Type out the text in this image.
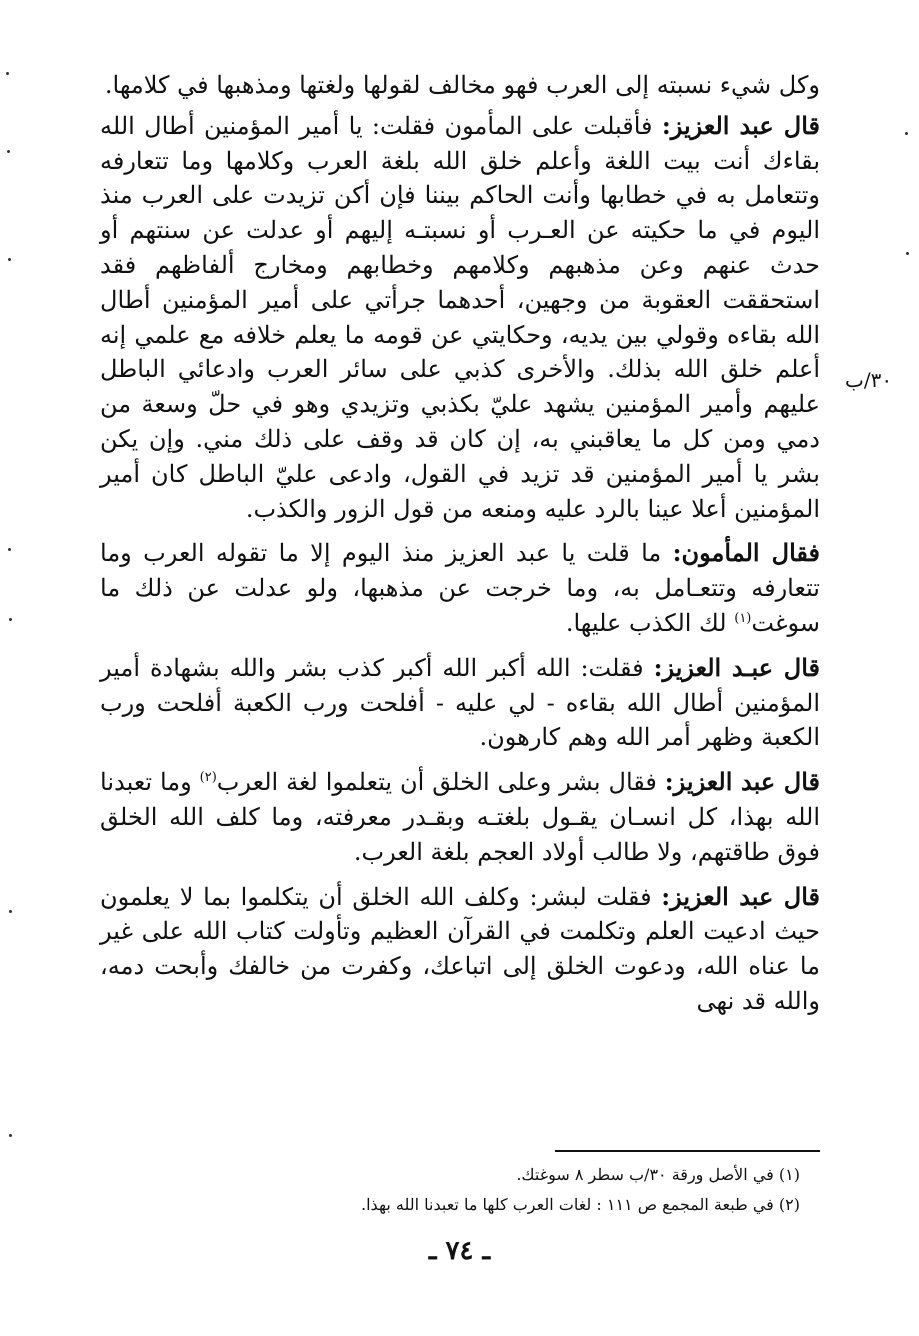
وكل شيء نسبته إلى العرب فهو مخالف لقولها ولغتها ومذهبها في كلامها.

قال عبد العزيز: فأقبلت على المأمون فقلت: يا أمير المؤمنين أطال الله بقاءك أنت بيت اللغة وأعلم خلق الله بلغة العرب وكلامها وما تتعارفه وتتعامل به في خطابها وأنت الحاكم بيننا فإن أكن تزيدت على العرب منذ اليوم في ما حكيته عن العـرب أو نسبتـه إليهم أو عدلت عن سنتهم أو حدث عنهم وعن مذهبهم وكلامهم وخطابهم ومخارج ألفاظهم فقد استحققت العقوبة من وجهين، أحدهما جرأتي على أمير المؤمنين أطال الله بقاءه وقولي بين يديه، وحكايتي عن قومه ما يعلم خلافه مع علمي إنه أعلم خلق الله بذلك. والأخرى كذبي على سائر العرب وادعائي الباطل عليهم وأمير المؤمنين يشهد عليّ بكذبي وتزيدي وهو في حلّ وسعة من دمي ومن كل ما يعاقبني به، إن كان قد وقف على ذلك مني. وإن يكن بشر يا أمير المؤمنين قد تزيد في القول، وادعى عليّ الباطل كان أمير المؤمنين أعلا عينا بالرد عليه ومنعه من قول الزور والكذب.

فقال المأمون: ما قلت يا عبد العزيز منذ اليوم إلا ما تقوله العرب وما تتعارفه وتتعـامل به، وما خرجت عن مذهبها، ولو عدلت عن ذلك ما سوغت$^{(١)}$ لك الكذب عليها.

قال عبـد العزيز: فقلت: الله أكبر الله أكبر كذب بشر والله بشهادة أمير المؤمنين أطال الله بقاءه - لي عليه - أفلحت ورب الكعبة أفلحت ورب الكعبة وظهر أمر الله وهم كارهون.

قال عبد العزيز: فقال بشر وعلى الخلق أن يتعلموا لغة العرب$^{(٢)}$ وما تعبدنا الله بهذا، كل انسـان يقـول بلغتـه وبقـدر معرفته، وما كلف الله الخلق فوق طاقتهم، ولا طالب أولاد العجم بلغة العرب.

قال عبد العزيز: فقلت لبشر: وكلف الله الخلق أن يتكلموا بما لا يعلمون حيث ادعيت العلم وتكلمت في القرآن العظيم وتأولت كتاب الله على غير ما عناه الله، ودعوت الخلق إلى اتباعك، وكفرت من خالفك وأبحت دمه، والله قد نهى

٣٠/ب
(١) في الأصل ورقة ٣٠/ب سطر ٨ سوغتك.
(٢) في طبعة المجمع ص ١١١ : لغات العرب كلها ما تعبدنا الله بهذا.
ـ ٧٤ ـ
